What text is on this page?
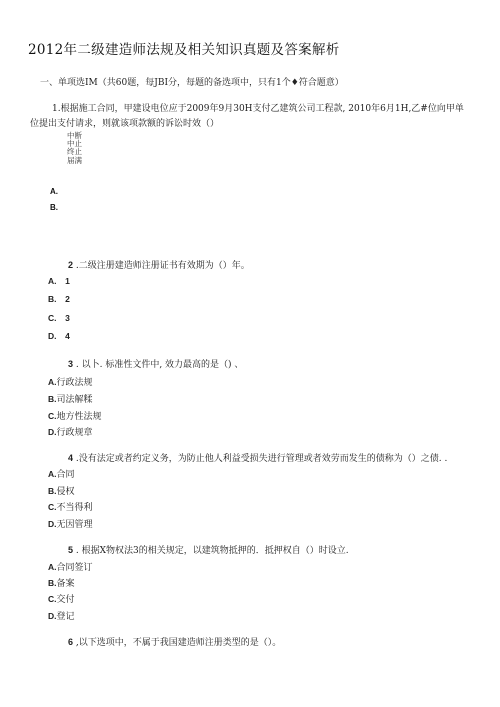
2012年二级建造师法规及相关知识真题及答案解析
一、单项选IM（共60题，每JBI分，每题的备选项中，只有1个♦符合题意）
1.根据施工合同，甲建设电位应于2009年9月30H支付乙建筑公司工程款, 2010年6月1H,乙#位向甲单位提出支付请求，则就该项款额的诉讼时效（）
中断
中止
终止
届满
A.
B.
2 .二级注册建造师注册证书有效期为（）年。
A. 1
B. 2
C. 3
D. 4
3 . 以卜. 标准性文件中, 效力最高的是（) 、
A.行政法规
B.司法解糅
C.地方性法规
D.行政规章
4 .没有法定或者约定义务，为防止他人利益受损失进行管理或者效劳而发生的债称为（）之债. .
A.合同
B.侵权
C.不当得利
D.无因管理
5 . 根据X物权法3的相关规定，以建筑物抵押的．抵押权自（）时设立.
A.合同签订
B.备案
C.交付
D.登记
6 ,以下选项中，不属于我国建造师注册类型的是（）。
